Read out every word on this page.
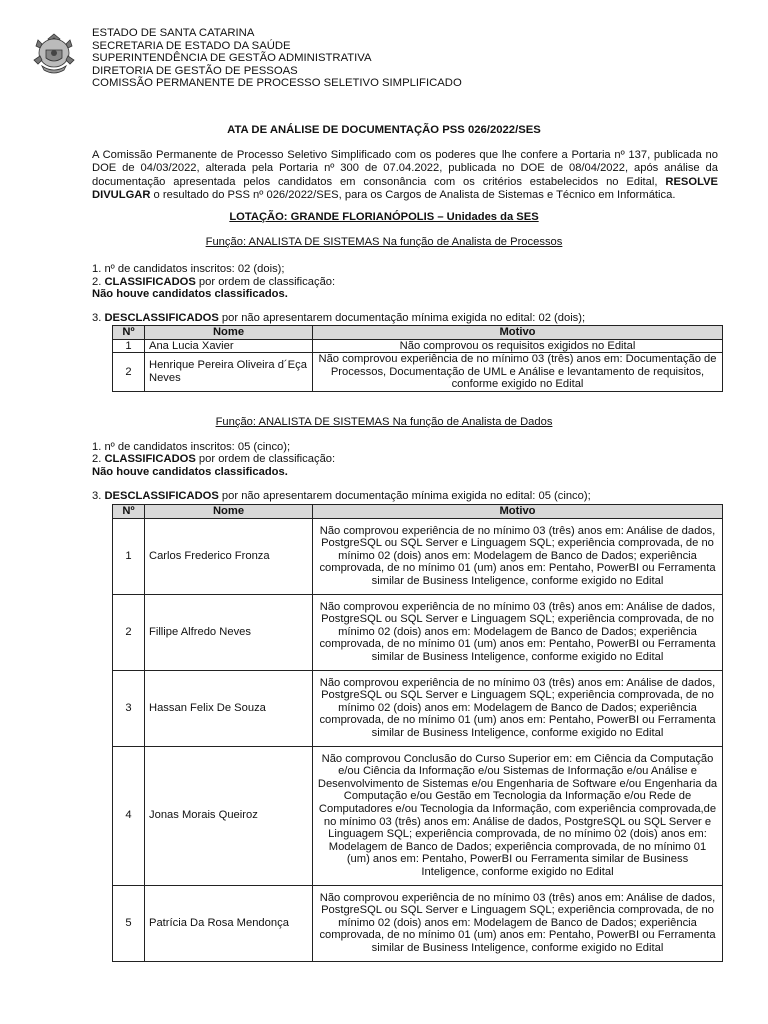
ESTADO DE SANTA CATARINA
SECRETARIA DE ESTADO DA SAÚDE
SUPERINTENDÊNCIA DE GESTÃO ADMINISTRATIVA
DIRETORIA DE GESTÃO DE PESSOAS
COMISSÃO PERMANENTE DE PROCESSO SELETIVO SIMPLIFICADO
ATA DE ANÁLISE DE DOCUMENTAÇÃO PSS 026/2022/SES
A Comissão Permanente de Processo Seletivo Simplificado com os poderes que lhe confere a Portaria nº 137, publicada no DOE de 04/03/2022, alterada pela Portaria nº 300 de 07.04.2022, publicada no DOE de 08/04/2022, após análise da documentação apresentada pelos candidatos em consonância com os critérios estabelecidos no Edital, RESOLVE DIVULGAR o resultado do PSS nº 026/2022/SES, para os Cargos de Analista de Sistemas e Técnico em Informática.
LOTAÇÃO: GRANDE FLORIANÓPOLIS – Unidades da SES
Função: ANALISTA DE SISTEMAS Na função de Analista de Processos
1. nº de candidatos inscritos: 02 (dois);
2. CLASSIFICADOS por ordem de classificação:
Não houve candidatos classificados.
3. DESCLASSIFICADOS por não apresentarem documentação mínima exigida no edital: 02 (dois);
Nº	Nome	Motivo
1	Ana Lucia Xavier	Não comprovou os requisitos exigidos no Edital
2	Henrique Pereira Oliveira d´Eça Neves	Não comprovou experiência de no mínimo 03 (três) anos em: Documentação de Processos, Documentação de UML e Análise e levantamento de requisitos, conforme exigido no Edital
Função: ANALISTA DE SISTEMAS Na função de Analista de Dados
1. nº de candidatos inscritos: 05 (cinco);
2. CLASSIFICADOS por ordem de classificação:
Não houve candidatos classificados.
3. DESCLASSIFICADOS por não apresentarem documentação mínima exigida no edital: 05 (cinco);
Nº	Nome	Motivo
1	Carlos Frederico Fronza	Não comprovou experiência de no mínimo 03 (três) anos em: Análise de dados, PostgreSQL ou SQL Server e Linguagem SQL; experiência comprovada, de no mínimo 02 (dois) anos em: Modelagem de Banco de Dados; experiência comprovada, de no mínimo 01 (um) anos em: Pentaho, PowerBI ou Ferramenta similar de Business Inteligence, conforme exigido no Edital
2	Fillipe Alfredo Neves	Não comprovou experiência de no mínimo 03 (três) anos em: Análise de dados, PostgreSQL ou SQL Server e Linguagem SQL; experiência comprovada, de no mínimo 02 (dois) anos em: Modelagem de Banco de Dados; experiência comprovada, de no mínimo 01 (um) anos em: Pentaho, PowerBI ou Ferramenta similar de Business Inteligence, conforme exigido no Edital
3	Hassan Felix De Souza	Não comprovou experiência de no mínimo 03 (três) anos em: Análise de dados, PostgreSQL ou SQL Server e Linguagem SQL; experiência comprovada, de no mínimo 02 (dois) anos em: Modelagem de Banco de Dados; experiência comprovada, de no mínimo 01 (um) anos em: Pentaho, PowerBI ou Ferramenta similar de Business Inteligence, conforme exigido no Edital
4	Jonas Morais Queiroz	Não comprovou Conclusão do Curso Superior em: em Ciência da Computação e/ou Ciência da Informação e/ou Sistemas de Informação e/ou Análise e Desenvolvimento de Sistemas e/ou Engenharia de Software e/ou Engenharia da Computação e/ou Gestão em Tecnologia da Informação e/ou Rede de Computadores e/ou Tecnologia da Informação, com experiência comprovada,de no mínimo 03 (três) anos em: Análise de dados, PostgreSQL ou SQL Server e Linguagem SQL; experiência comprovada, de no mínimo 02 (dois) anos em: Modelagem de Banco de Dados; experiência comprovada, de no mínimo 01 (um) anos em: Pentaho, PowerBI ou Ferramenta similar de Business Inteligence, conforme exigido no Edital
5	Patrícia Da Rosa Mendonça	Não comprovou experiência de no mínimo 03 (três) anos em: Análise de dados, PostgreSQL ou SQL Server e Linguagem SQL; experiência comprovada, de no mínimo 02 (dois) anos em: Modelagem de Banco de Dados; experiência comprovada, de no mínimo 01 (um) anos em: Pentaho, PowerBI ou Ferramenta similar de Business Inteligence, conforme exigido no Edital
